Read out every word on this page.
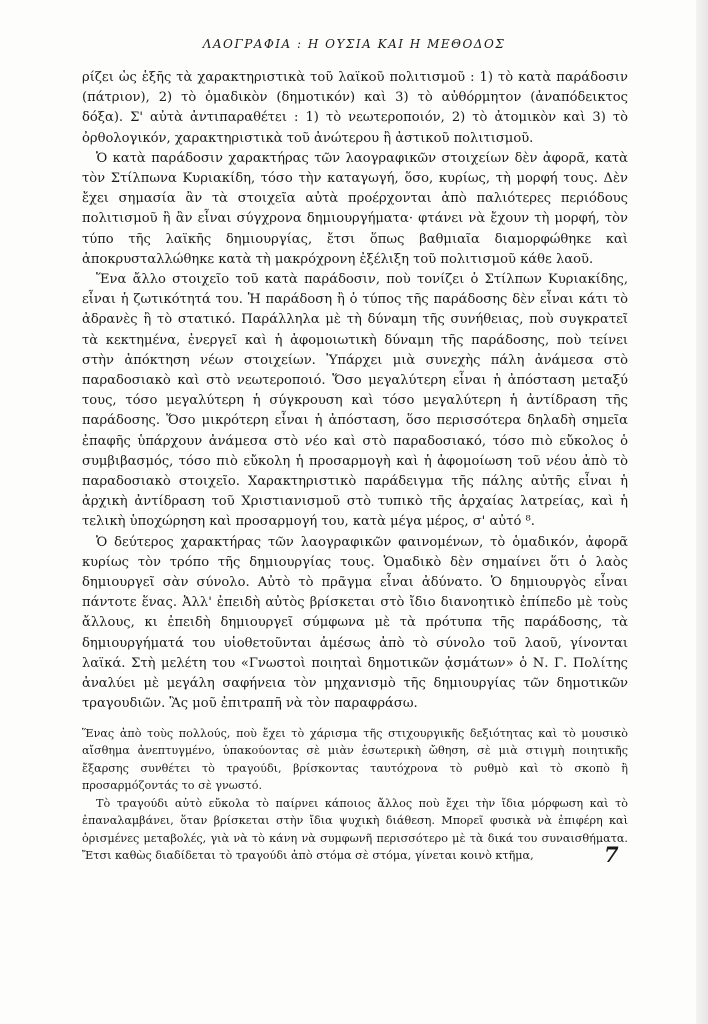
ΛΑΟΓΡΑΦΙΑ : Η ΟΥΣΙΑ ΚΑΙ Η ΜΕΘΟΔΟΣ

ρίζει ὡς ἑξῆς τὰ χαρακτηριστικὰ τοῦ λαϊκοῦ πολιτισμοῦ : 1) τὸ κατὰ παράδοσιν (πάτριον), 2) τὸ ὁμαδικὸν (δημοτικόν) καὶ 3) τὸ αὐθόρμητον (ἀναπόδεικτος δόξα). Σ' αὐτὰ ἀντιπαραθέτει : 1) τὸ νεωτεροποιόν, 2) τὸ ἀτομικὸν καὶ 3) τὸ ὀρθολογικόν, χαρακτηριστικὰ τοῦ ἀνώτερου ἢ ἀστικοῦ πολιτισμοῦ.

Ὁ κατὰ παράδοσιν χαρακτήρας τῶν λαογραφικῶν στοιχείων δὲν ἀφορᾶ, κατὰ τὸν Στίλπωνα Κυριακίδη, τόσο τὴν καταγωγή, ὅσο, κυρίως, τὴ μορφή τους. Δὲν ἔχει σημασία ἂν τὰ στοιχεῖα αὐτὰ προέρχονται ἀπὸ παλιότερες περιόδους πολιτισμοῦ ἢ ἂν εἶναι σύγχρονα δημιουργήματα· φτάνει νὰ ἔχουν τὴ μορφή, τὸν τύπο τῆς λαϊκῆς δημιουργίας, ἔτσι ὅπως βαθμιαῖα διαμορφώθηκε καὶ ἀποκρυσταλλώθηκε κατὰ τὴ μακρόχρονη ἐξέλιξη τοῦ πολιτισμοῦ κάθε λαοῦ.

Ἕνα ἄλλο στοιχεῖο τοῦ κατὰ παράδοσιν, ποὺ τονίζει ὁ Στίλπων Κυριακίδης, εἶναι ἡ ζωτικότητά του. Ἡ παράδοση ἢ ὁ τύπος τῆς παράδοσης δὲν εἶναι κάτι τὸ ἀδρανὲς ἢ τὸ στατικό. Παράλληλα μὲ τὴ δύναμη τῆς συνήθειας, ποὺ συγκρατεῖ τὰ κεκτημένα, ἐνεργεῖ καὶ ἡ ἀφομοιωτικὴ δύναμη τῆς παράδοσης, ποὺ τείνει στὴν ἀπόκτηση νέων στοιχείων. Ὑπάρχει μιὰ συνεχὴς πάλη ἀνάμεσα στὸ παραδοσιακὸ καὶ στὸ νεωτεροποιό. Ὅσο μεγαλύτερη εἶναι ἡ ἀπόσταση μεταξύ τους, τόσο μεγαλύτερη ἡ σύγκρουση καὶ τόσο μεγαλύτερη ἡ ἀντίδραση τῆς παράδοσης. Ὅσο μικρότερη εἶναι ἡ ἀπόσταση, ὅσο περισσότερα δηλαδὴ σημεῖα ἐπαφῆς ὑπάρχουν ἀνάμεσα στὸ νέο καὶ στὸ παραδοσιακό, τόσο πιὸ εὔκολος ὁ συμβιβασμός, τόσο πιὸ εὔκολη ἡ προσαρμογὴ καὶ ἡ ἀφομοίωση τοῦ νέου ἀπὸ τὸ παραδοσιακὸ στοιχεῖο. Χαρακτηριστικὸ παράδειγμα τῆς πάλης αὐτῆς εἶναι ἡ ἀρχικὴ ἀντίδραση τοῦ Χριστιανισμοῦ στὸ τυπικὸ τῆς ἀρχαίας λατρείας, καὶ ἡ τελικὴ ὑποχώρηση καὶ προσαρμογή του, κατὰ μέγα μέρος, σ' αὐτό ⁸.

Ὁ δεύτερος χαρακτήρας τῶν λαογραφικῶν φαινομένων, τὸ ὁμαδικόν, ἀφορᾶ κυρίως τὸν τρόπο τῆς δημιουργίας τους. Ὁμαδικὸ δὲν σημαίνει ὅτι ὁ λαὸς δημιουργεῖ σὰν σύνολο. Αὐτὸ τὸ πρᾶγμα εἶναι ἀδύνατο. Ὁ δημιουργὸς εἶναι πάντοτε ἕνας. Ἀλλ' ἐπειδὴ αὐτὸς βρίσκεται στὸ ἴδιο διανοητικὸ ἐπίπεδο μὲ τοὺς ἄλλους, κι ἐπειδὴ δημιουργεῖ σύμφωνα μὲ τὰ πρότυπα τῆς παράδοσης, τὰ δημιουργήματά του υἱοθετοῦνται ἀμέσως ἀπὸ τὸ σύνολο τοῦ λαοῦ, γίνονται λαϊκά. Στὴ μελέτη του «Γνωστοὶ ποιηταὶ δημοτικῶν ᾀσμάτων» ὁ Ν. Γ. Πολίτης ἀναλύει μὲ μεγάλη σαφήνεια τὸν μηχανισμὸ τῆς δημιουργίας τῶν δημοτικῶν τραγουδιῶν. Ἂς μοῦ ἐπιτραπῆ νὰ τὸν παραφράσω.

Ἕνας ἀπὸ τοὺς πολλούς, ποὺ ἔχει τὸ χάρισμα τῆς στιχουργικῆς δεξιότητας καὶ τὸ μουσικὸ αἴσθημα ἀνεπτυγμένο, ὑπακούοντας σὲ μιὰν ἐσωτερικὴ ὤθηση, σὲ μιὰ στιγμὴ ποιητικῆς ἔξαρσης συνθέτει τὸ τραγούδι, βρίσκοντας ταυτόχρονα τὸ ρυθμὸ καὶ τὸ σκοπὸ ἢ προσαρμόζοντάς το σὲ γνωστό.

Τὸ τραγούδι αὐτὸ εὔκολα τὸ παίρνει κάποιος ἄλλος ποὺ ἔχει τὴν ἴδια μόρφωση καὶ τὸ ἐπαναλαμβάνει, ὅταν βρίσκεται στὴν ἴδια ψυχικὴ διάθεση. Μπορεῖ φυσικὰ νὰ ἐπιφέρη καὶ ὁρισμένες μεταβολές, γιὰ νὰ τὸ κάνη νὰ συμφωνῆ περισσότερο μὲ τὰ δικά του συναισθήματα. Ἔτσι καθὼς διαδίδεται τὸ τραγούδι ἀπὸ στόμα σὲ στόμα, γίνεται κοινὸ κτῆμα,	7
